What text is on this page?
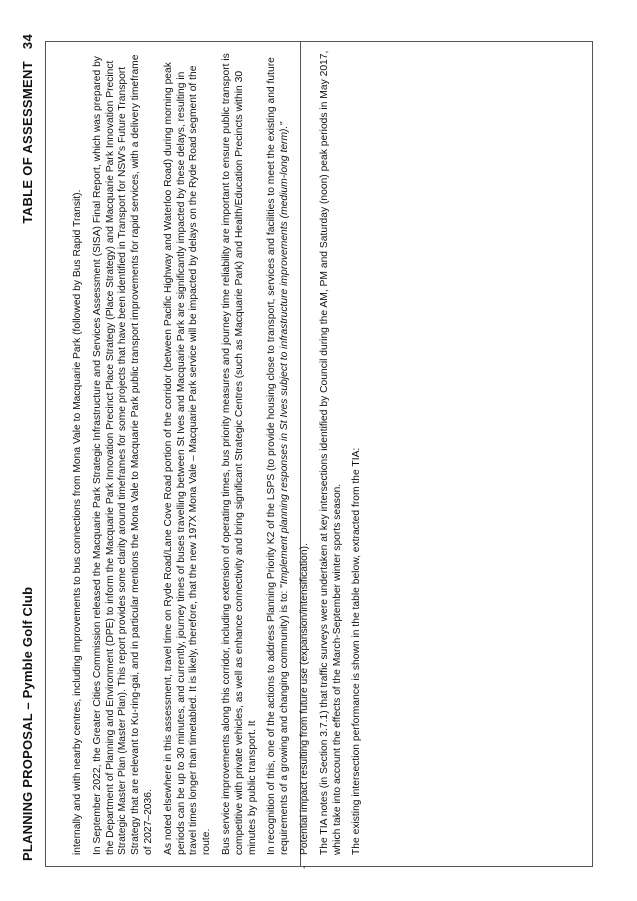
PLANNING PROPOSAL – Pymble Golf Club
TABLE OF ASSESSMENT34

internally and with nearby centres, including improvements to bus connections from Mona Vale to Macquarie Park (followed by Bus Rapid Transit). In September 2022, the Greater Cities Commission released the Macquarie Park Strategic Infrastructure and Services Assessment (SISA) Final Report, which was prepared by the Department of Planning and Environment (DPE) to inform the Macquarie Park Innovation Precinct Place Strategy (Place Strategy) and Macquarie Park Innovation Precinct Strategic Master Plan (Master Plan). This report provides some clarity around timeframes for some projects that have been identified in Transport for NSW's Future Transport Strategy that are relevant to Ku-ring-gai, and in particular mentions the Mona Vale to Macquarie Park public transport improvements for rapid services, with a delivery timeframe of 2027–2036. As noted elsewhere in this assessment, travel time on Ryde Road/Lane Cove Road portion of the corridor (between Pacific Highway and Waterloo Road) during morning peak periods can be up to 30 minutes, and currently, journey times of buses travelling between St Ives and Macquarie Park are significantly impacted by these delays, resulting in travel times longer than timetabled. It is likely, therefore, that the new 197X Mona Vale – Macquarie Park service will be impacted by delays on the Ryde Road segment of the route. Bus service improvements along this corridor, including extension of operating times, bus priority measures and journey time reliability are important to ensure public transport is competitive with private vehicles, as well as enhance connectivity and bring significant Strategic Centres (such as Macquarie Park) and Health/Education Precincts within 30 minutes by public transport. It In recognition of this, one of the actions to address Planning Priority K2 of the LSPS (to provide housing close to transport, services and facilities to meet the existing and future requirements of a growing and changing community) is to: "Implement planning responses in St Ives subject to infrastructure improvements (medium-long term)."

-
Potential impact resulting from future use (expansion/intensification). The TIA notes (in Section 3.7.1) that traffic surveys were undertaken at key intersections identified by Council during the AM, PM and Saturday (noon) peak periods in May 2017, which take into account the effects of the March-September winter sports season. The existing intersection performance is shown in the table below, extracted from the TIA:
